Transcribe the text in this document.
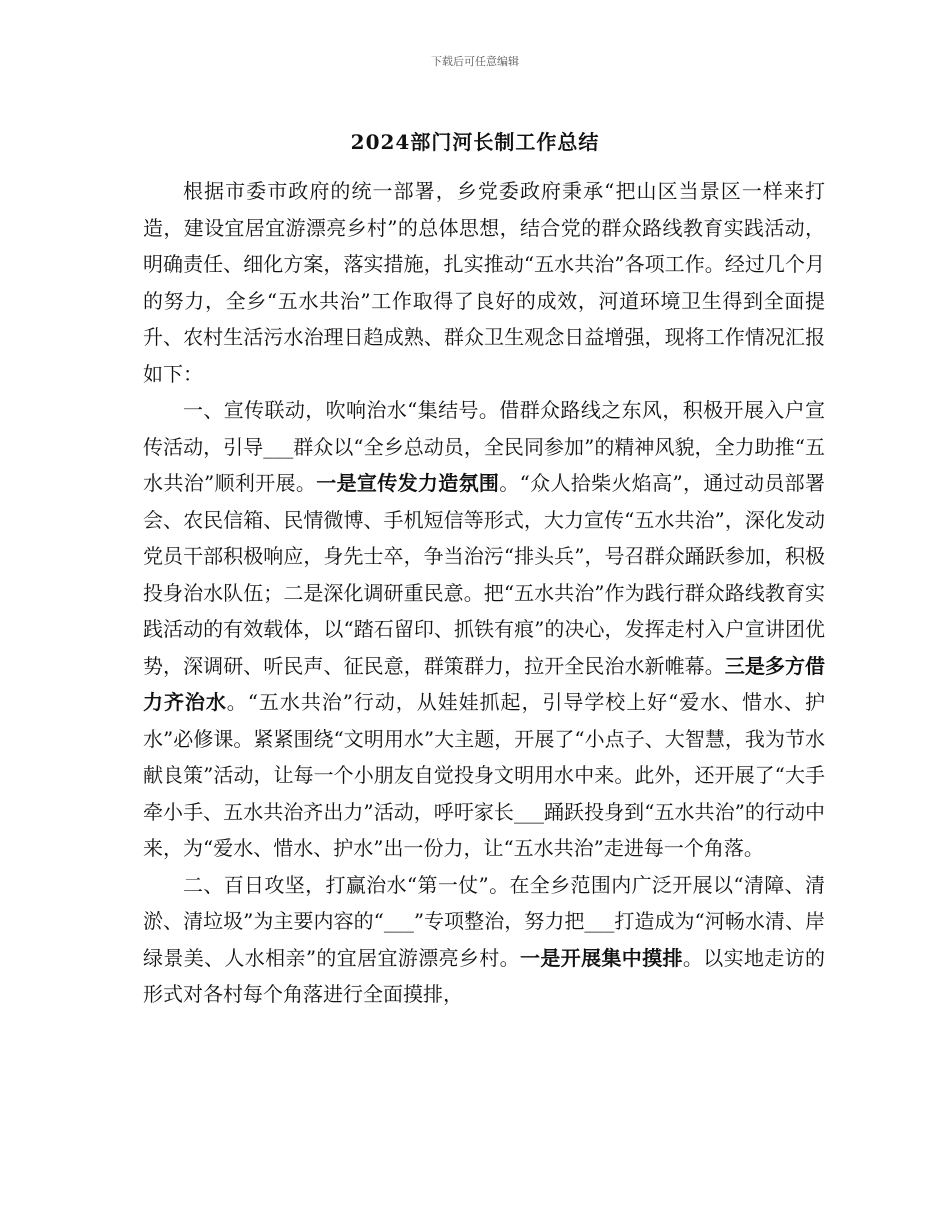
下载后可任意编辑
2024部门河长制工作总结

根据市委市政府的统一部署，乡党委政府秉承“把山区当景区一样来打造，建设宜居宜游漂亮乡村”的总体思想，结合党的群众路线教育实践活动，明确责任、细化方案，落实措施，扎实推动“五水共治”各项工作。经过几个月的努力，全乡“五水共治”工作取得了良好的成效，河道环境卫生得到全面提升、农村生活污水治理日趋成熟、群众卫生观念日益增强，现将工作情况汇报如下：

一、宣传联动，吹响治水“集结号。借群众路线之东风，积极开展入户宣传活动，引导___群众以“全乡总动员，全民同参加”的精神风貌，全力助推“五水共治”顺利开展。一是宣传发力造氛围。“众人拾柴火焰高”，通过动员部署会、农民信箱、民情微博、手机短信等形式，大力宣传“五水共治”，深化发动党员干部积极响应，身先士卒，争当治污“排头兵”，号召群众踊跃参加，积极投身治水队伍；二是深化调研重民意。把“五水共治”作为践行群众路线教育实践活动的有效载体，以“踏石留印、抓铁有痕”的决心，发挥走村入户宣讲团优势，深调研、听民声、征民意，群策群力，拉开全民治水新帷幕。三是多方借力齐治水。“五水共治”行动，从娃娃抓起，引导学校上好“爱水、惜水、护水”必修课。紧紧围绕“文明用水”大主题，开展了“小点子、大智慧，我为节水献良策”活动，让每一个小朋友自觉投身文明用水中来。此外，还开展了“大手牵小手、五水共治齐出力”活动，呼吁家长___踊跃投身到“五水共治”的行动中来，为“爱水、惜水、护水”出一份力，让“五水共治”走进每一个角落。

二、百日攻坚，打赢治水“第一仗”。在全乡范围内广泛开展以“清障、清淤、清垃圾”为主要内容的“___”专项整治，努力把___打造成为“河畅水清、岸绿景美、人水相亲”的宜居宜游漂亮乡村。一是开展集中摸排。以实地走访的形式对各村每个角落进行全面摸排，
